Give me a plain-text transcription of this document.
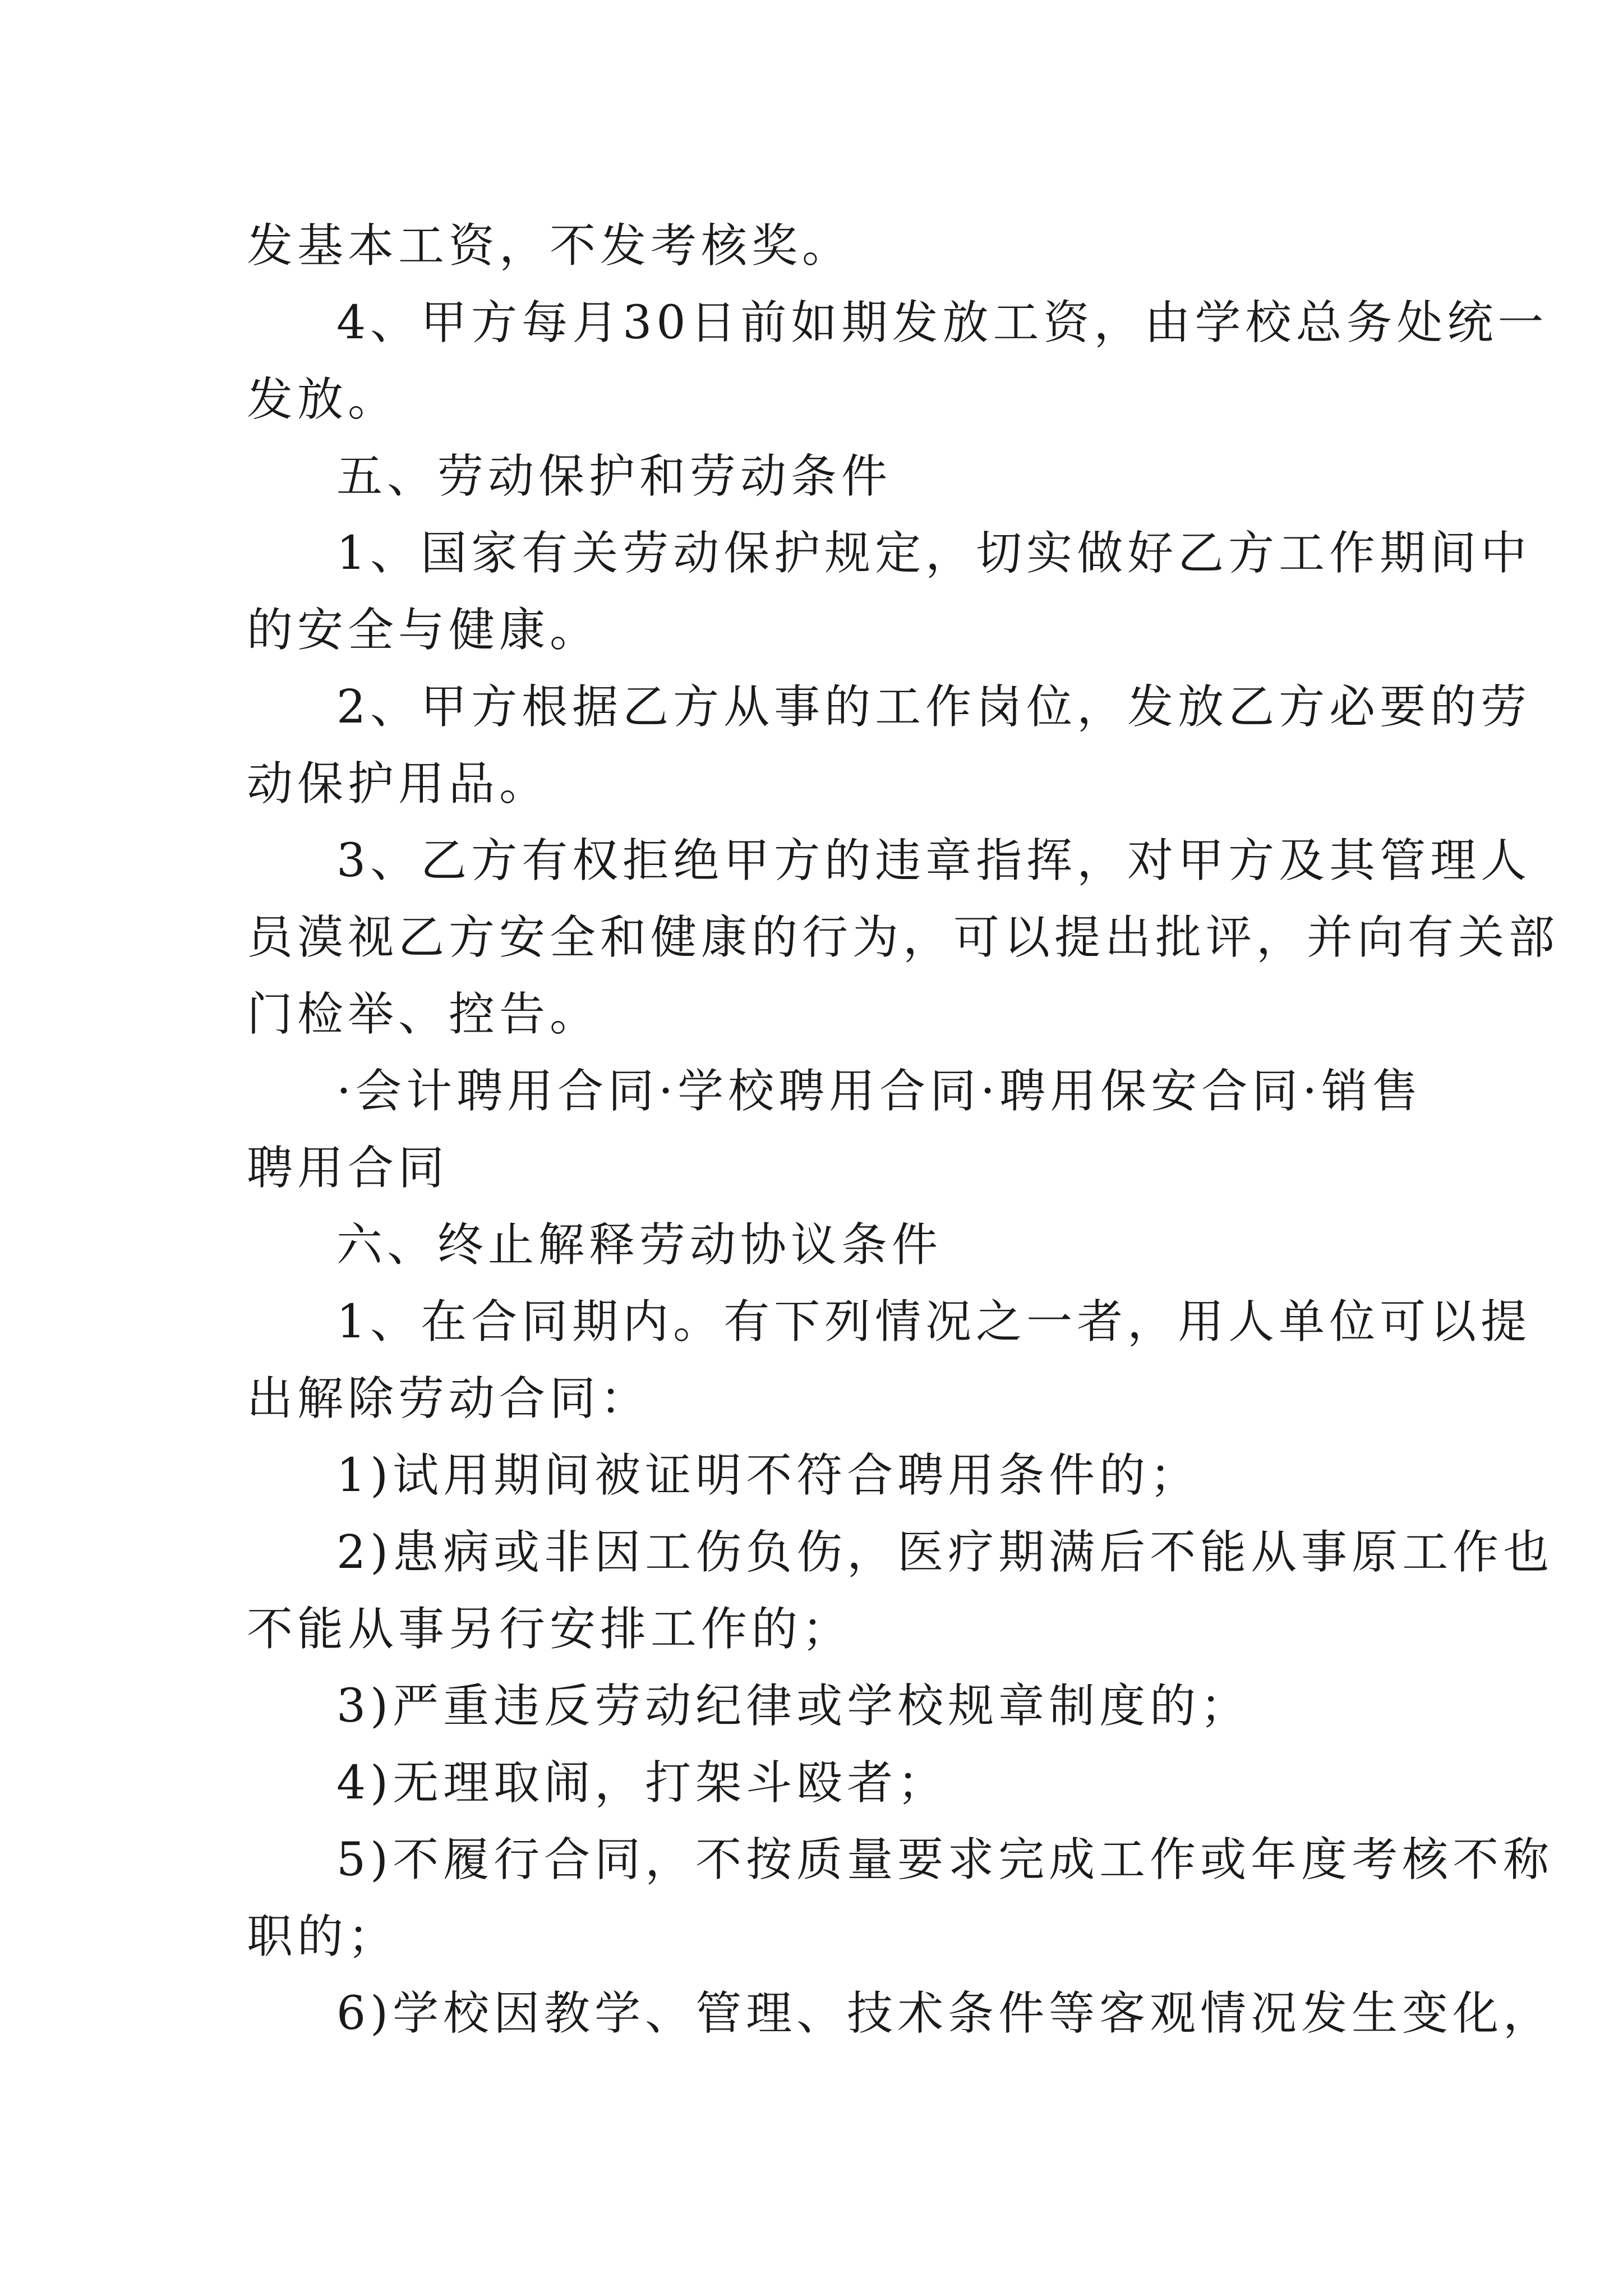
发基本工资，不发考核奖。
4、甲方每月30日前如期发放工资，由学校总务处统一
发放。
五、劳动保护和劳动条件
1、国家有关劳动保护规定，切实做好乙方工作期间中
的安全与健康。
2、甲方根据乙方从事的工作岗位，发放乙方必要的劳
动保护用品。
3、乙方有权拒绝甲方的违章指挥，对甲方及其管理人
员漠视乙方安全和健康的行为，可以提出批评，并向有关部
门检举、控告。
·会计聘用合同·学校聘用合同·聘用保安合同·销售
聘用合同
六、终止解释劳动协议条件
1、在合同期内。有下列情况之一者，用人单位可以提
出解除劳动合同：
1)试用期间被证明不符合聘用条件的；
2)患病或非因工伤负伤，医疗期满后不能从事原工作也
不能从事另行安排工作的；
3)严重违反劳动纪律或学校规章制度的；
4)无理取闹，打架斗殴者；
5)不履行合同，不按质量要求完成工作或年度考核不称
职的；
6)学校因教学、管理、技术条件等客观情况发生变化，
